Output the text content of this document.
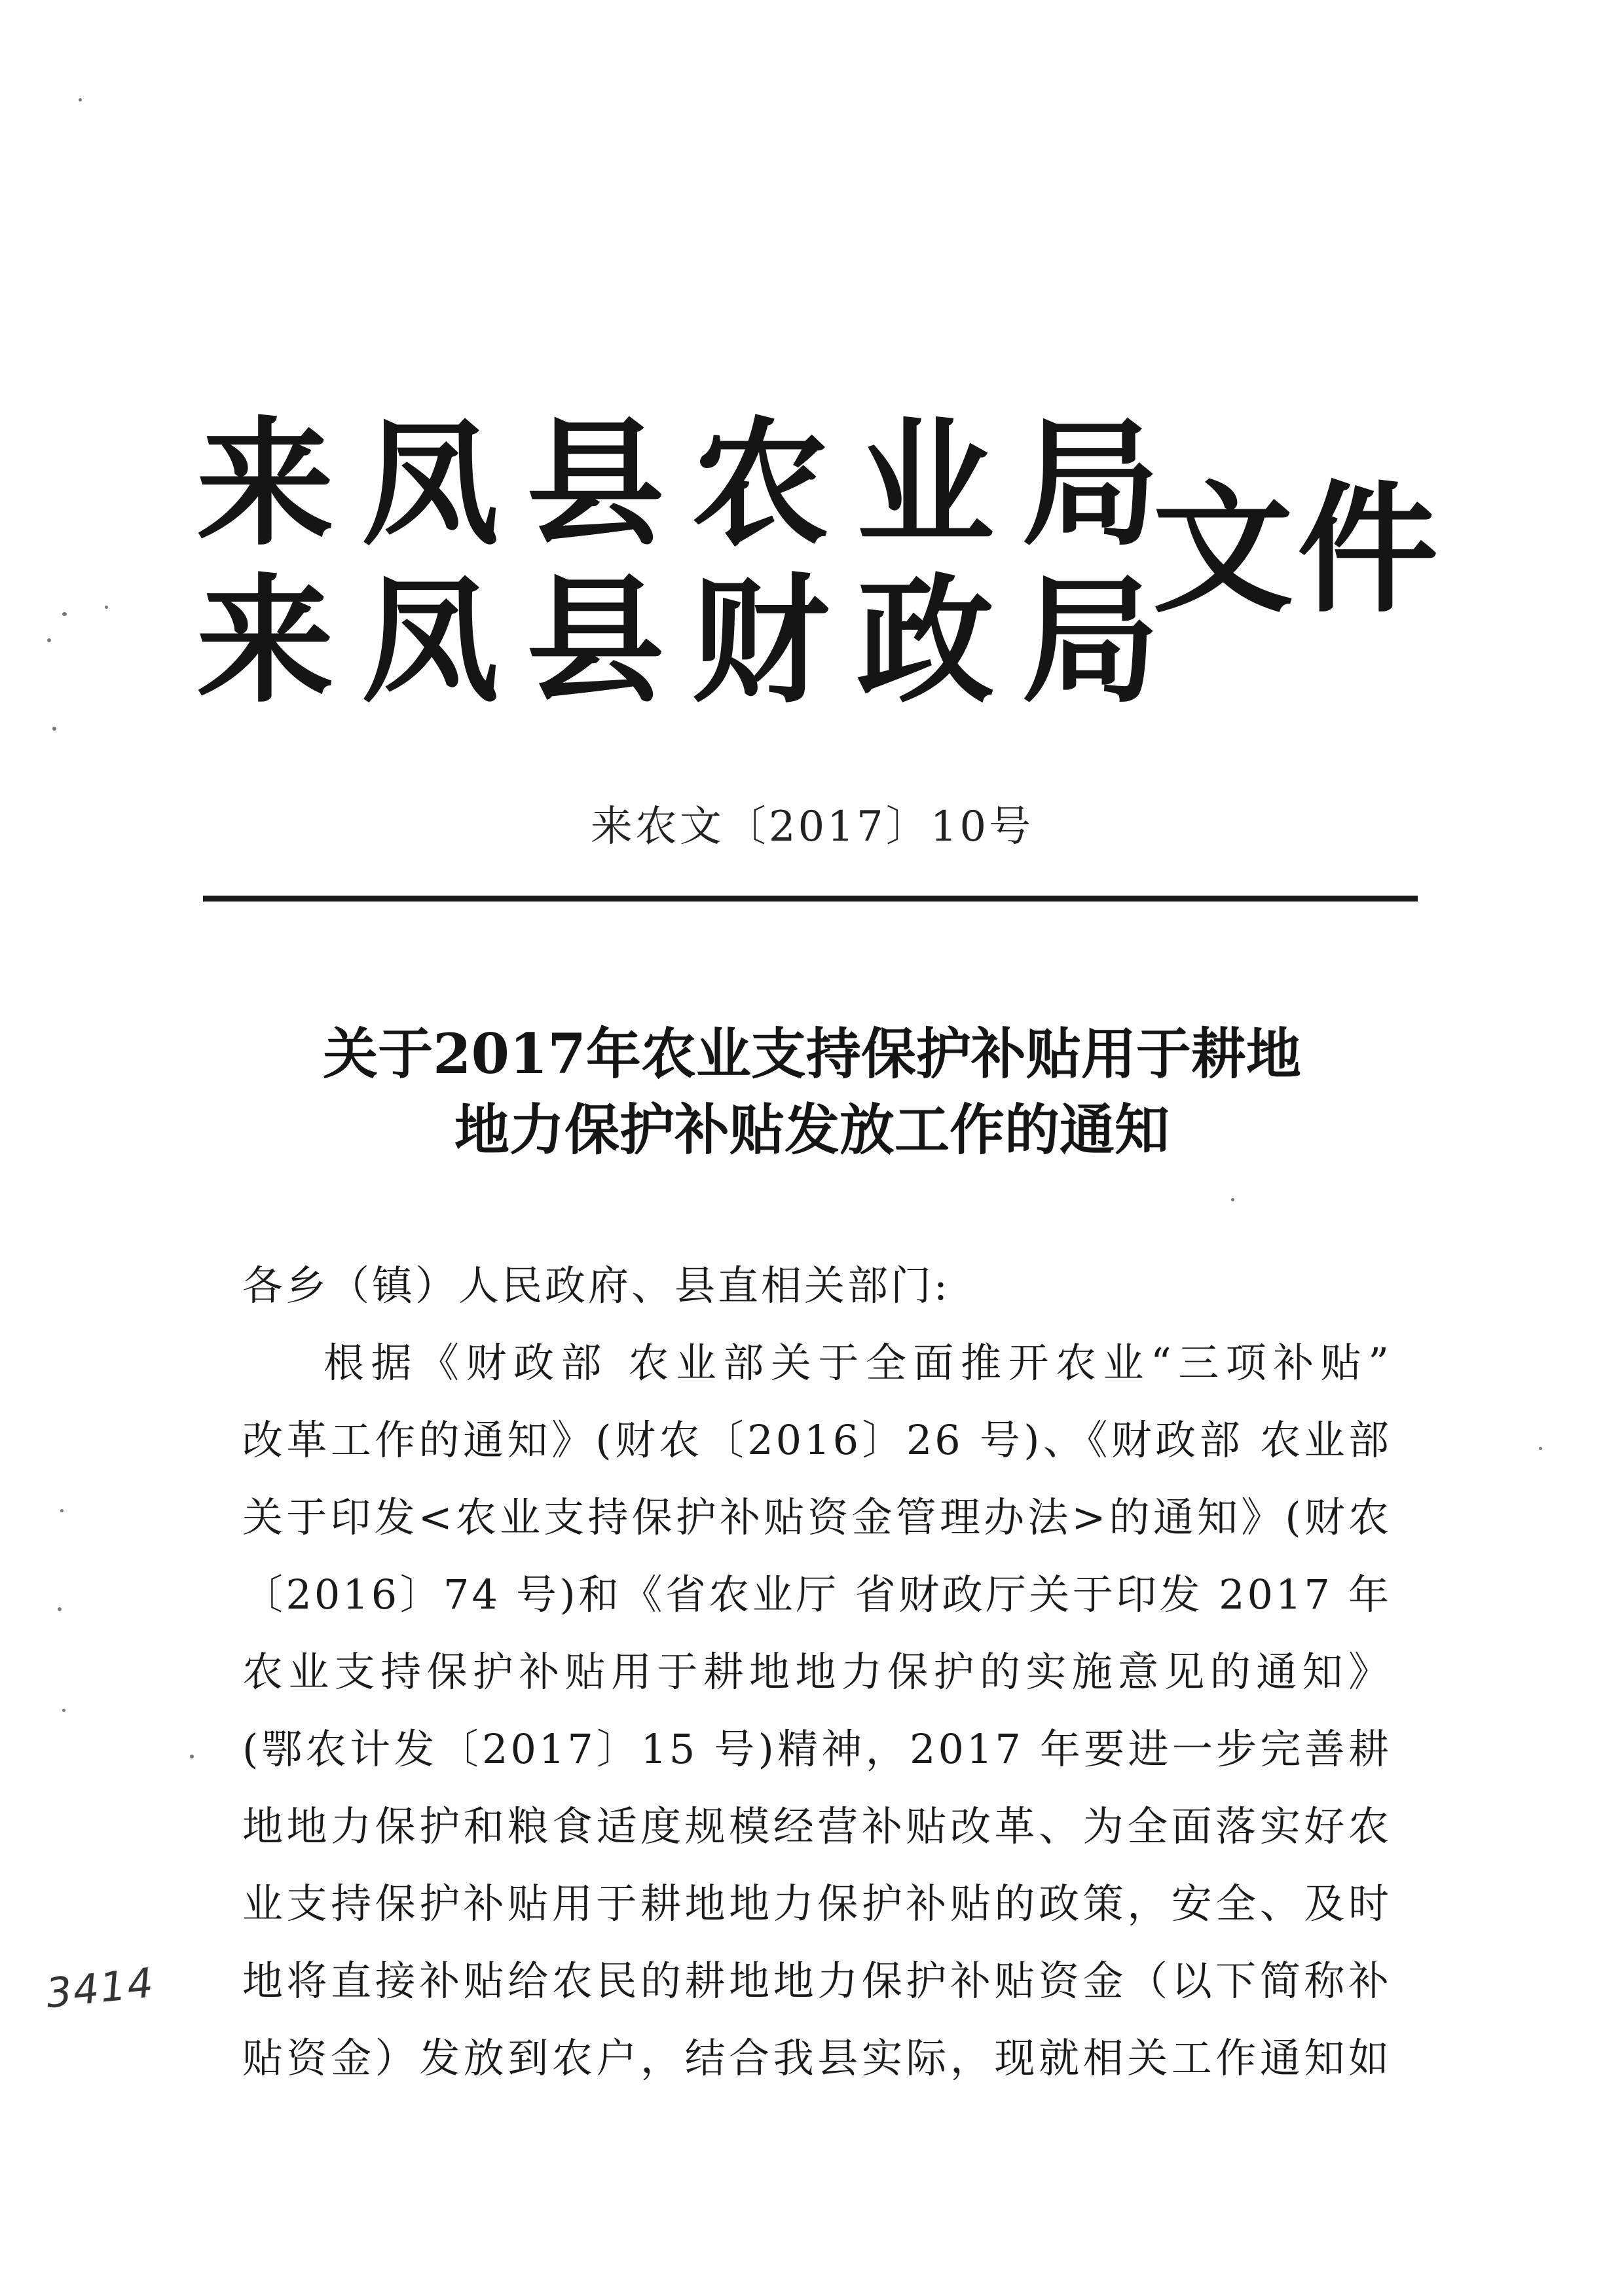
来凤县农业局
来凤县财政局
文件
来农文〔2017〕10号
关于2017年农业支持保护补贴用于耕地
地力保护补贴发放工作的通知
各乡（镇）人民政府、县直相关部门:
根据《财政部 农业部关于全面推开农业“三项补贴”
改革工作的通知》(财农〔2016〕26 号)、《财政部 农业部
关于印发<农业支持保护补贴资金管理办法>的通知》(财农
〔2016〕74 号)和《省农业厅 省财政厅关于印发 2017 年
农业支持保护补贴用于耕地地力保护的实施意见的通知》
(鄂农计发〔2017〕15 号)精神，2017 年要进一步完善耕
地地力保护和粮食适度规模经营补贴改革、为全面落实好农
业支持保护补贴用于耕地地力保护补贴的政策，安全、及时
地将直接补贴给农民的耕地地力保护补贴资金（以下简称补
贴资金）发放到农户，结合我县实际，现就相关工作通知如
3414
